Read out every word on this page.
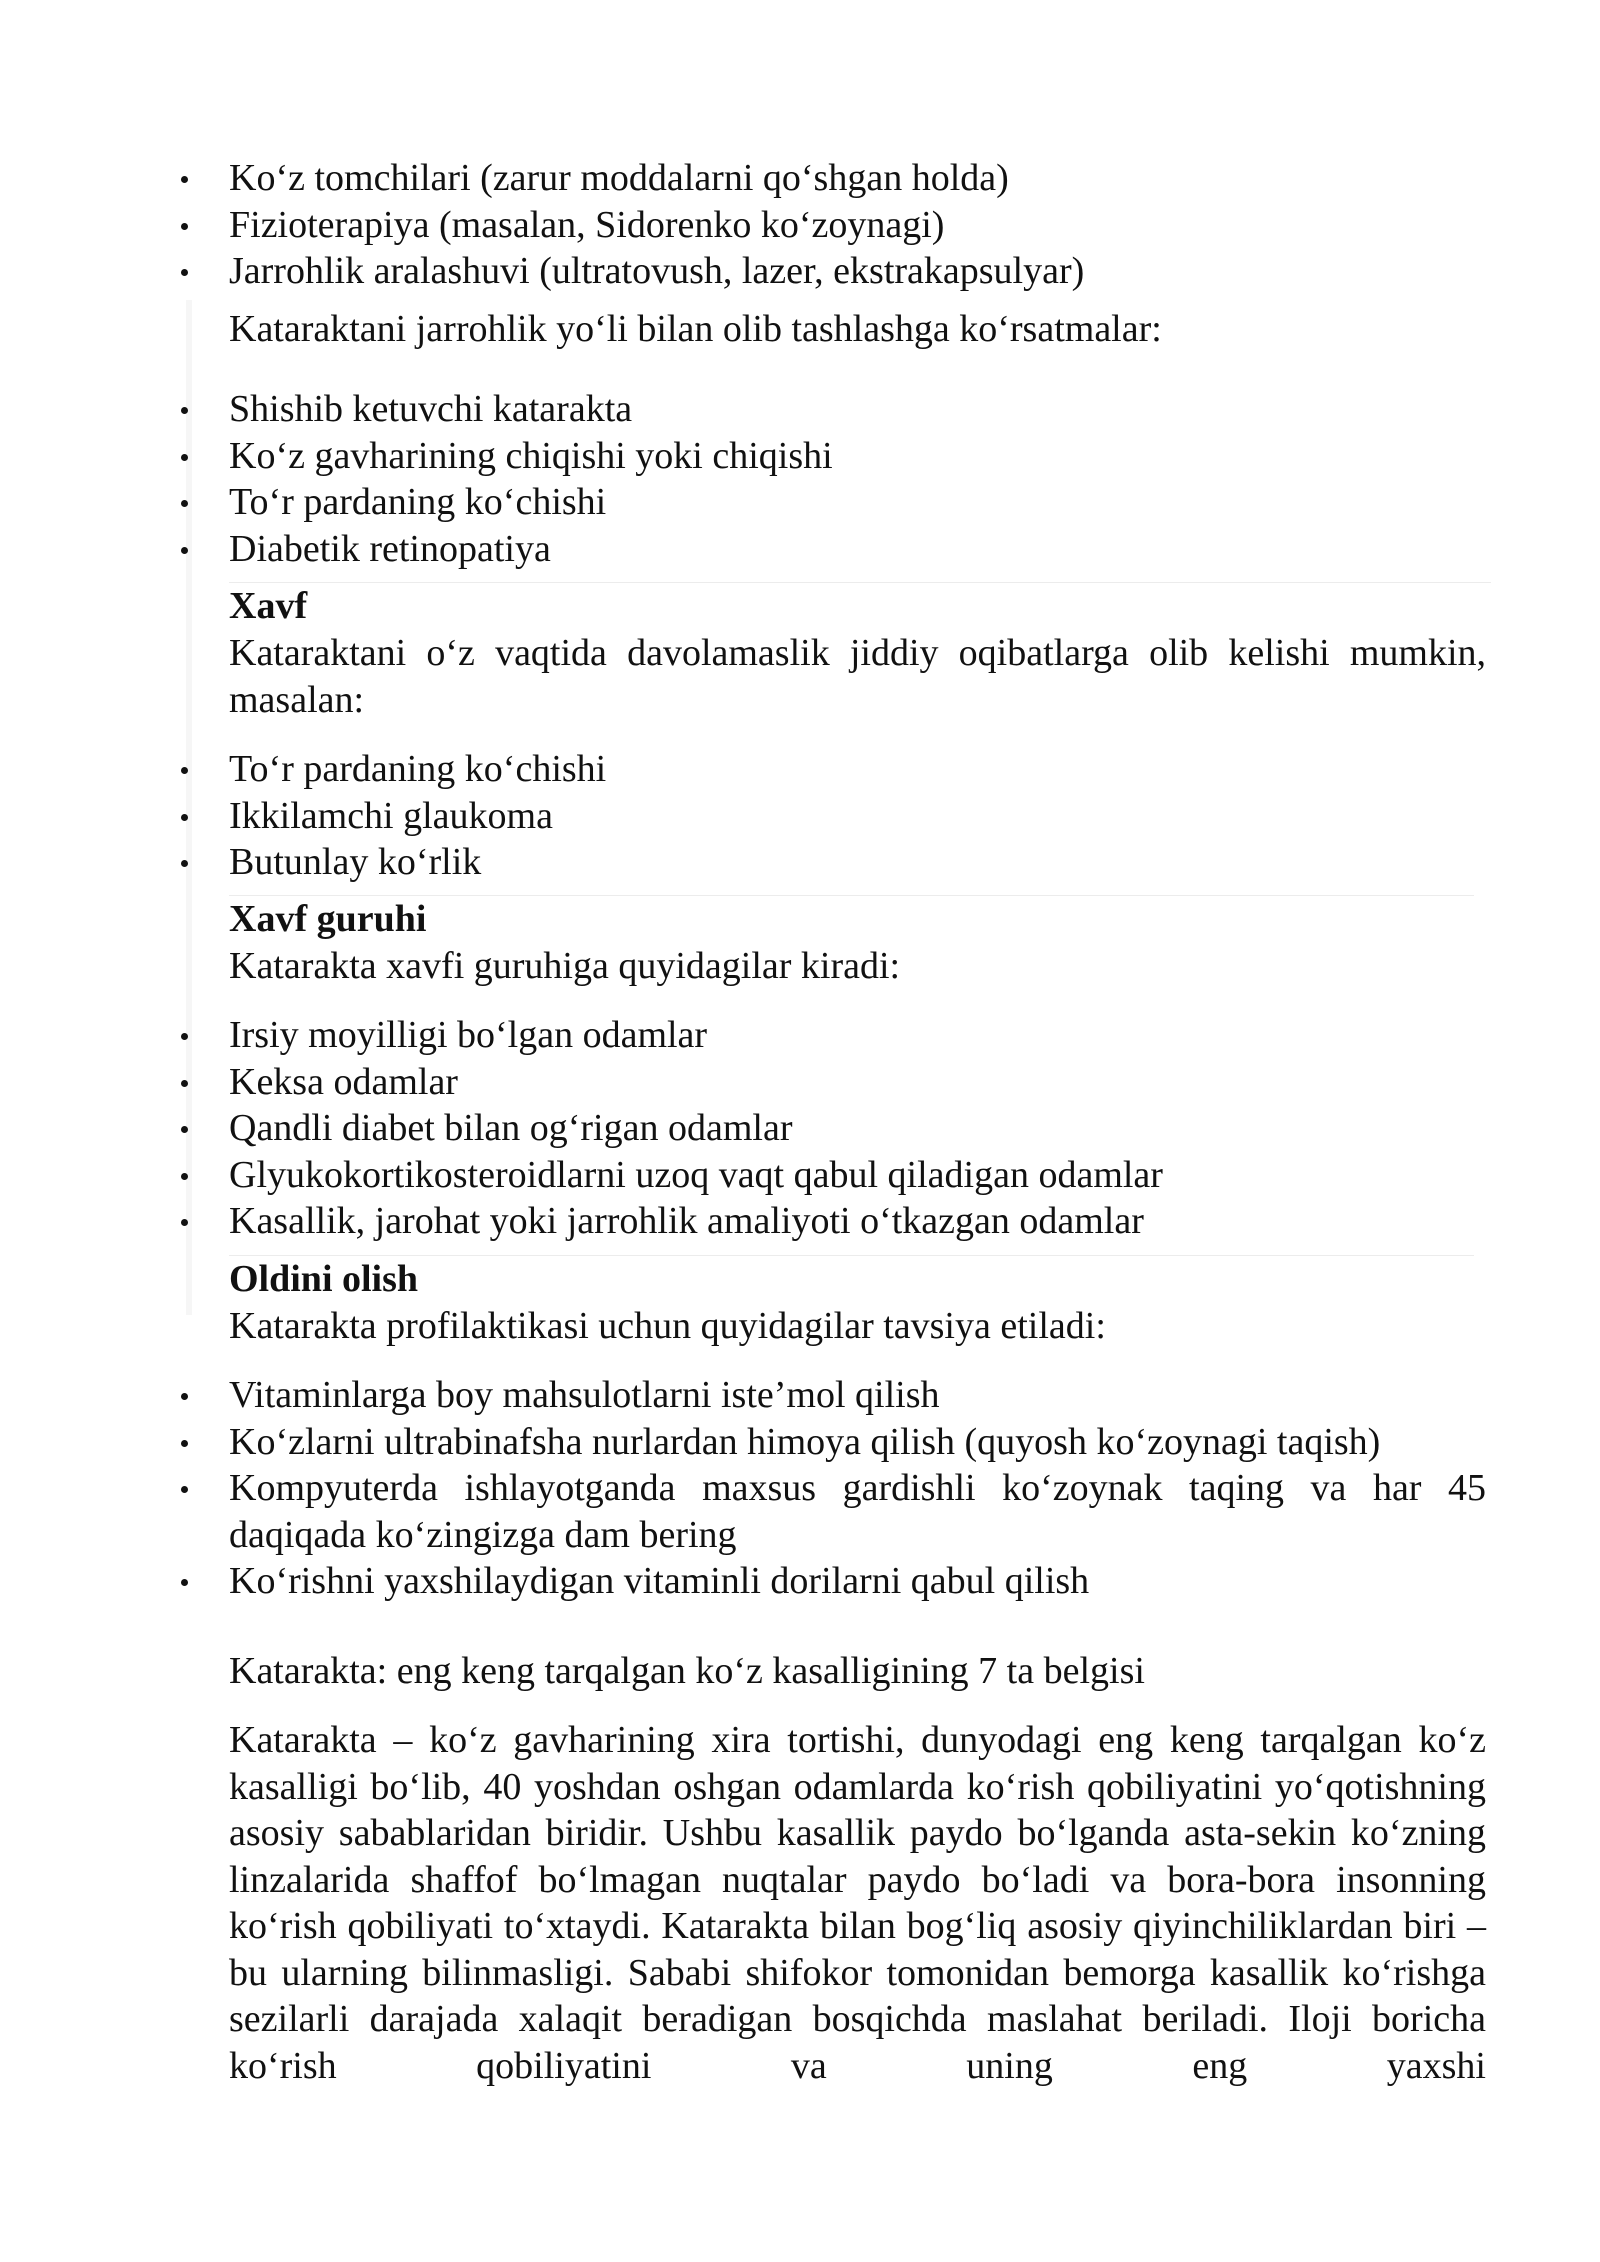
Ko‘z tomchilari (zarur moddalarni qo‘shgan holda)
Fizioterapiya (masalan, Sidorenko ko‘zoynagi)
Jarrohlik aralashuvi (ultratovush, lazer, ekstrakapsulyar)

Kataraktani jarrohlik yo‘li bilan olib tashlashga ko‘rsatmalar:

Shishib ketuvchi katarakta
Ko‘z gavharining chiqishi yoki chiqishi
To‘r pardaning ko‘chishi
Diabetik retinopatiya

Xavf

Kataraktani o‘z vaqtida davolamaslik jiddiy oqibatlarga olib kelishi mumkin, masalan:

To‘r pardaning ko‘chishi
Ikkilamchi glaukoma
Butunlay ko‘rlik

Xavf guruhi

Katarakta xavfi guruhiga quyidagilar kiradi:

Irsiy moyilligi bo‘lgan odamlar
Keksa odamlar
Qandli diabet bilan og‘rigan odamlar
Glyukokortikosteroidlarni uzoq vaqt qabul qiladigan odamlar
Kasallik, jarohat yoki jarrohlik amaliyoti o‘tkazgan odamlar

Oldini olish

Katarakta profilaktikasi uchun quyidagilar tavsiya etiladi:

Vitaminlarga boy mahsulotlarni iste’mol qilish
Ko‘zlarni ultrabinafsha nurlardan himoya qilish (quyosh ko‘zoynagi taqish)
Kompyuterda ishlayotganda maxsus gardishli ko‘zoynak taqing va har 45 daqiqada ko‘zingizga dam bering
Ko‘rishni yaxshilaydigan vitaminli dorilarni qabul qilish

Katarakta: eng keng tarqalgan ko‘z kasalligining 7 ta belgisi

Katarakta – ko‘z gavharining xira tortishi, dunyodagi eng keng tarqalgan ko‘z kasalligi bo‘lib, 40 yoshdan oshgan odamlarda ko‘rish qobiliyatini yo‘qotishning asosiy sabablaridan biridir. Ushbu kasallik paydo bo‘lganda asta-sekin ko‘zning linzalarida shaffof bo‘lmagan nuqtalar paydo bo‘ladi va bora-bora insonning ko‘rish qobiliyati to‘xtaydi. Katarakta bilan bog‘liq asosiy qiyinchiliklardan biri – bu ularning bilinmasligi. Sababi shifokor tomonidan bemorga kasallik ko‘rishga sezilarli darajada xalaqit beradigan bosqichda maslahat beriladi. Iloji boricha ko‘rish qobiliyatini va uning eng yaxshi
